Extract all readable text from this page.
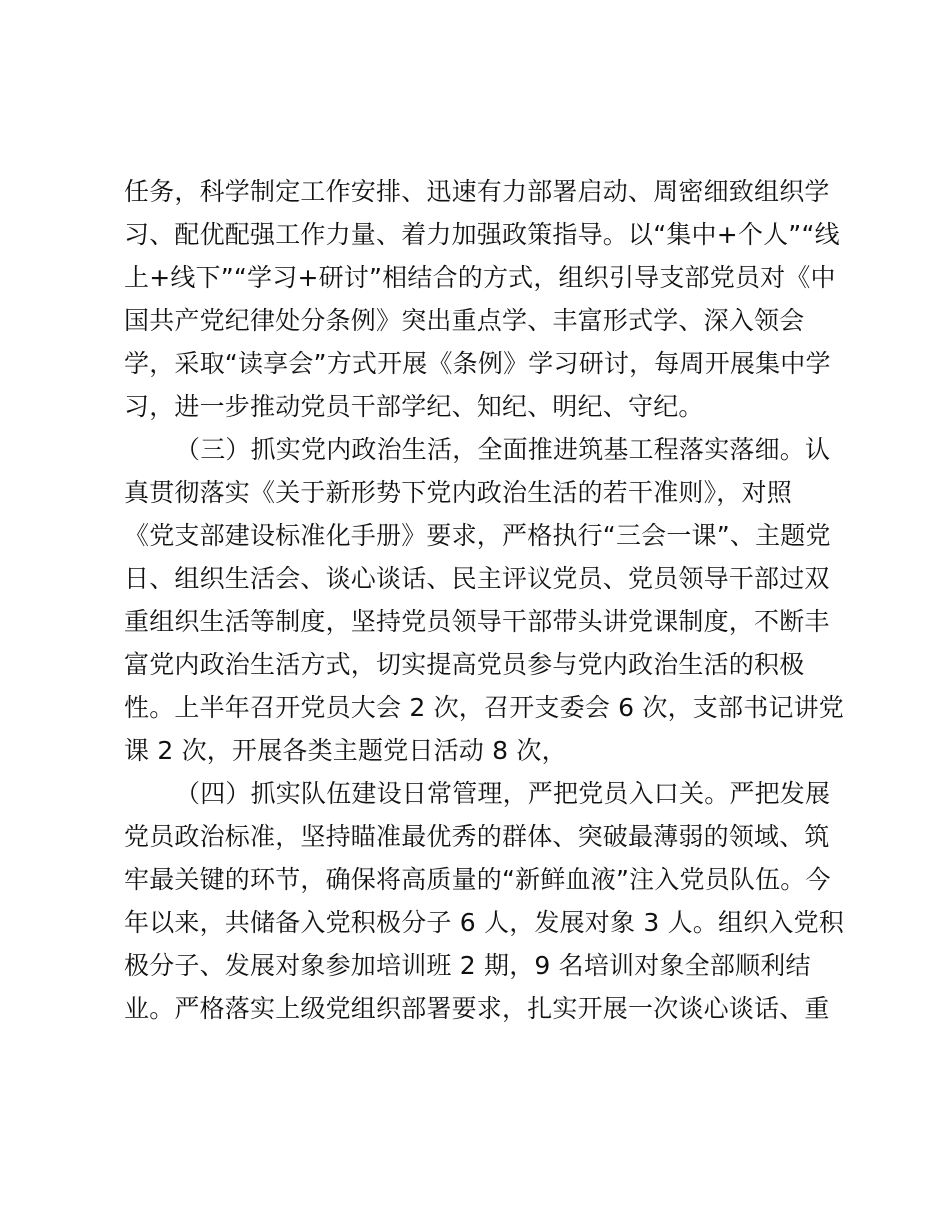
任务，科学制定工作安排、迅速有力部署启动、周密细致组织学

习、配优配强工作力量、着力加强政策指导。以“集中+个人”“线

上+线下”“学习+研讨”相结合的方式，组织引导支部党员对《中

国共产党纪律处分条例》突出重点学、丰富形式学、深入领会

学，采取“读享会”方式开展《条例》学习研讨，每周开展集中学

习，进一步推动党员干部学纪、知纪、明纪、守纪。

（三）抓实党内政治生活，全面推进筑基工程落实落细。认

真贯彻落实《关于新形势下党内政治生活的若干准则》，对照

《党支部建设标准化手册》要求，严格执行“三会一课”、主题党

日、组织生活会、谈心谈话、民主评议党员、党员领导干部过双

重组织生活等制度，坚持党员领导干部带头讲党课制度，不断丰

富党内政治生活方式，切实提高党员参与党内政治生活的积极

性。上半年召开党员大会 2 次，召开支委会 6 次，支部书记讲党

课 2 次，开展各类主题党日活动 8 次，

（四）抓实队伍建设日常管理，严把党员入口关。严把发展

党员政治标准，坚持瞄准最优秀的群体、突破最薄弱的领域、筑

牢最关键的环节，确保将高质量的“新鲜血液”注入党员队伍。今

年以来，共储备入党积极分子 6 人，发展对象 3 人。组织入党积

极分子、发展对象参加培训班 2 期，9 名培训对象全部顺利结

业。严格落实上级党组织部署要求，扎实开展一次谈心谈话、重
